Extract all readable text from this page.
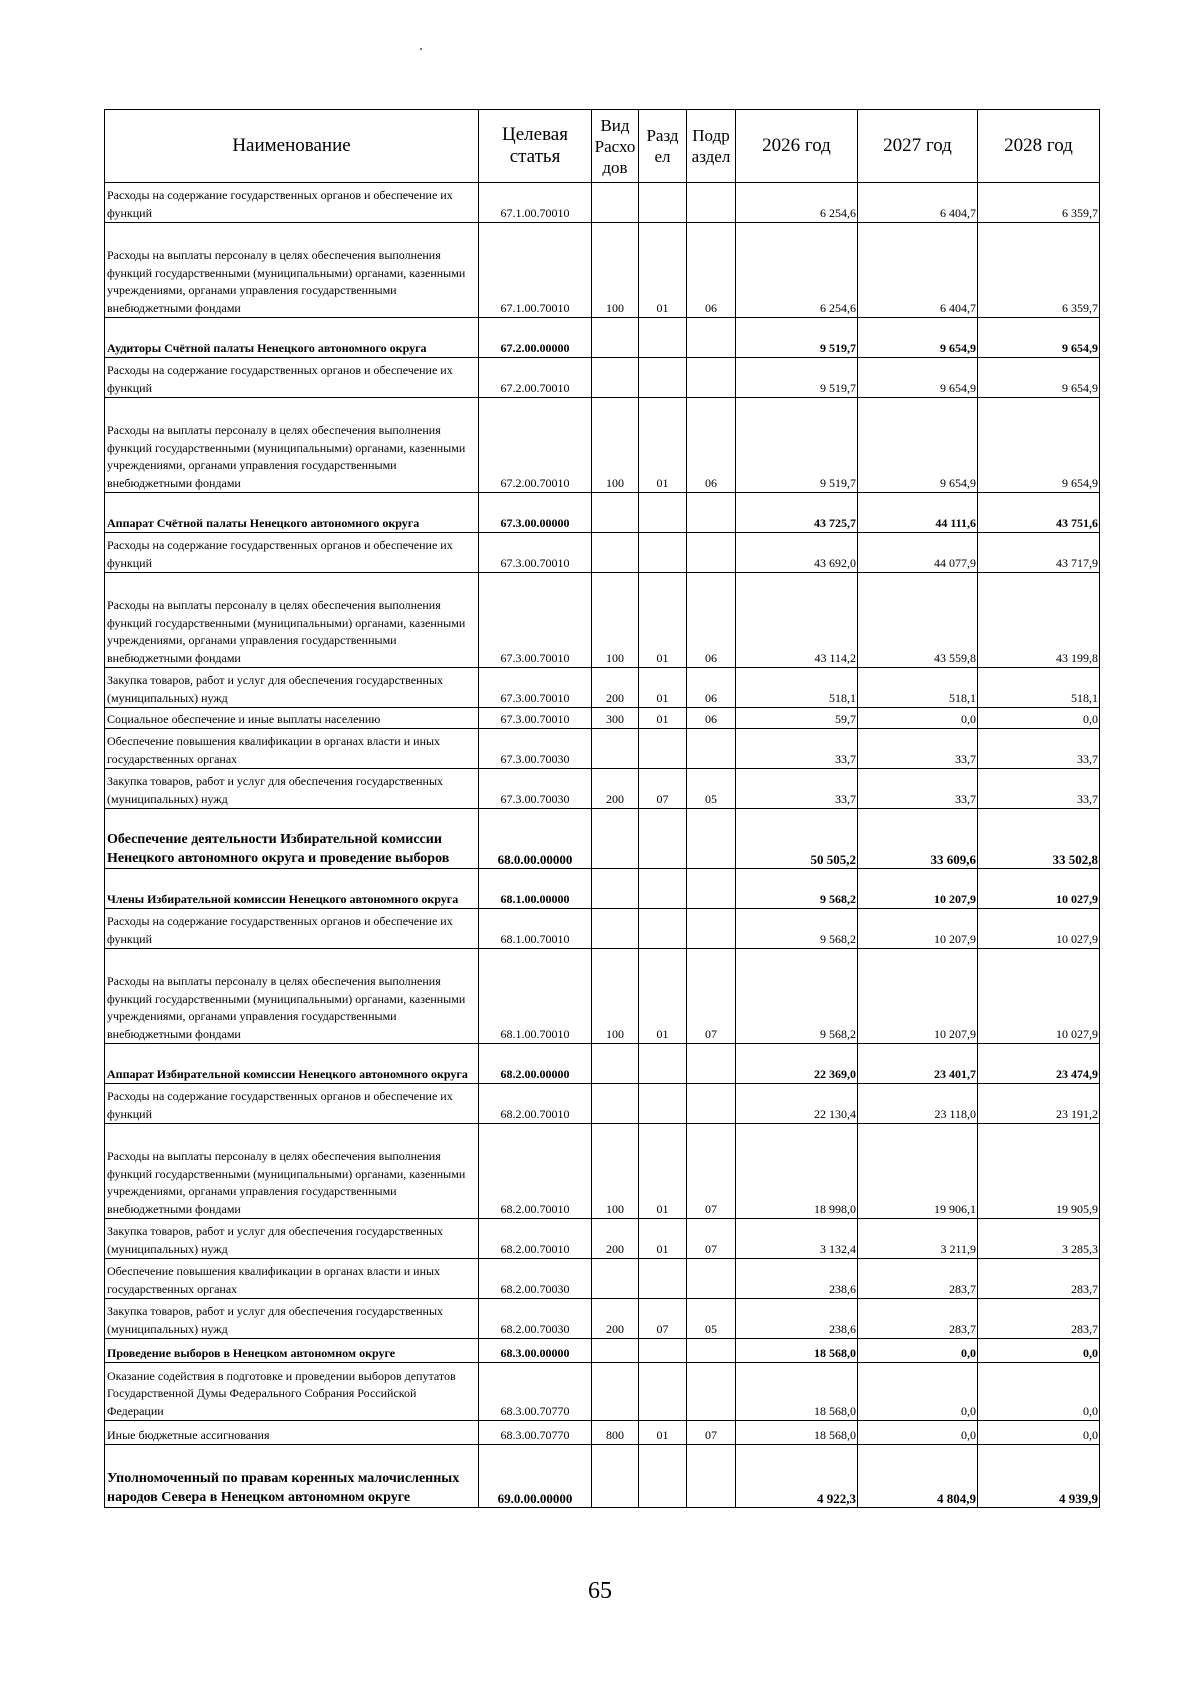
Наименование	Целевая статья	Вид Расхо дов	Разд ел	Подр аздел	2026 год	2027 год	2028 год
Расходы на содержание государственных органов и обеспечение их функций	67.1.00.70010				6 254,6	6 404,7	6 359,7
Расходы на выплаты персоналу в целях обеспечения выполнения функций государственными (муниципальными) органами, казенными учреждениями, органами управления государственными внебюджетными фондами	67.1.00.70010	100	01	06	6 254,6	6 404,7	6 359,7
Аудиторы Счётной палаты Ненецкого автономного округа	67.2.00.00000				9 519,7	9 654,9	9 654,9
Расходы на содержание государственных органов и обеспечение их функций	67.2.00.70010				9 519,7	9 654,9	9 654,9
Расходы на выплаты персоналу в целях обеспечения выполнения функций государственными (муниципальными) органами, казенными учреждениями, органами управления государственными внебюджетными фондами	67.2.00.70010	100	01	06	9 519,7	9 654,9	9 654,9
Аппарат Счётной палаты Ненецкого автономного округа	67.3.00.00000				43 725,7	44 111,6	43 751,6
Расходы на содержание государственных органов и обеспечение их функций	67.3.00.70010				43 692,0	44 077,9	43 717,9
Расходы на выплаты персоналу в целях обеспечения выполнения функций государственными (муниципальными) органами, казенными учреждениями, органами управления государственными внебюджетными фондами	67.3.00.70010	100	01	06	43 114,2	43 559,8	43 199,8
Закупка товаров, работ и услуг для обеспечения государственных (муниципальных) нужд	67.3.00.70010	200	01	06	518,1	518,1	518,1
Социальное обеспечение и иные выплаты населению	67.3.00.70010	300	01	06	59,7	0,0	0,0
Обеспечение повышения квалификации в органах власти и иных государственных органах	67.3.00.70030				33,7	33,7	33,7
Закупка товаров, работ и услуг для обеспечения государственных (муниципальных) нужд	67.3.00.70030	200	07	05	33,7	33,7	33,7
Обеспечение деятельности Избирательной комиссии Ненецкого автономного округа и проведение выборов	68.0.00.00000				50 505,2	33 609,6	33 502,8
Члены Избирательной комиссии Ненецкого автономного округа	68.1.00.00000				9 568,2	10 207,9	10 027,9
Расходы на содержание государственных органов и обеспечение их функций	68.1.00.70010				9 568,2	10 207,9	10 027,9
Расходы на выплаты персоналу в целях обеспечения выполнения функций государственными (муниципальными) органами, казенными учреждениями, органами управления государственными внебюджетными фондами	68.1.00.70010	100	01	07	9 568,2	10 207,9	10 027,9
Аппарат Избирательной комиссии Ненецкого автономного округа	68.2.00.00000				22 369,0	23 401,7	23 474,9
Расходы на содержание государственных органов и обеспечение их функций	68.2.00.70010				22 130,4	23 118,0	23 191,2
Расходы на выплаты персоналу в целях обеспечения выполнения функций государственными (муниципальными) органами, казенными учреждениями, органами управления государственными внебюджетными фондами	68.2.00.70010	100	01	07	18 998,0	19 906,1	19 905,9
Закупка товаров, работ и услуг для обеспечения государственных (муниципальных) нужд	68.2.00.70010	200	01	07	3 132,4	3 211,9	3 285,3
Обеспечение повышения квалификации в органах власти и иных государственных органах	68.2.00.70030				238,6	283,7	283,7
Закупка товаров, работ и услуг для обеспечения государственных (муниципальных) нужд	68.2.00.70030	200	07	05	238,6	283,7	283,7
Проведение выборов в Ненецком автономном округе	68.3.00.00000				18 568,0	0,0	0,0
Оказание содействия в подготовке и проведении выборов депутатов Государственной Думы Федерального Собрания Российской Федерации	68.3.00.70770				18 568,0	0,0	0,0
Иные бюджетные ассигнования	68.3.00.70770	800	01	07	18 568,0	0,0	0,0
Уполномоченный по правам коренных малочисленных народов Севера в Ненецком автономном округе	69.0.00.00000				4 922,3	4 804,9	4 939,9
65
